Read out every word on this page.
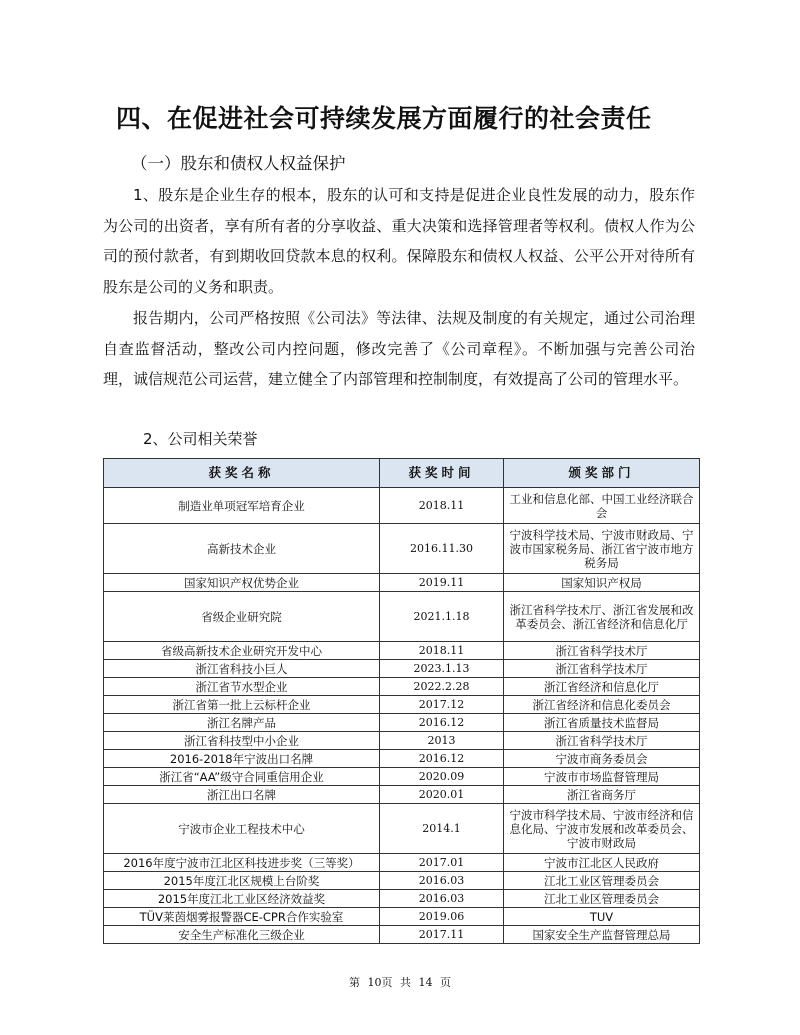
四、在促进社会可持续发展方面履行的社会责任
（一）股东和债权人权益保护

1、股东是企业生存的根本，股东的认可和支持是促进企业良性发展的动力，股东作为公司的出资者，享有所有者的分享收益、重大决策和选择管理者等权利。债权人作为公司的预付款者，有到期收回贷款本息的权利。保障股东和债权人权益、公平公开对待所有股东是公司的义务和职责。

报告期内，公司严格按照《公司法》等法律、法规及制度的有关规定，通过公司治理自查监督活动，整改公司内控问题，修改完善了《公司章程》。不断加强与完善公司治理，诚信规范公司运营，建立健全了内部管理和控制制度，有效提高了公司的管理水平。

2、公司相关荣誉
获奖名称	获奖时间	颁奖部门
制造业单项冠军培育企业	2018.11	工业和信息化部、中国工业经济联合会
高新技术企业	2016.11.30	宁波科学技术局、宁波市财政局、宁波市国家税务局、浙江省宁波市地方税务局
国家知识产权优势企业	2019.11	国家知识产权局
省级企业研究院	2021.1.18	浙江省科学技术厅、浙江省发展和改革委员会、浙江省经济和信息化厅
省级高新技术企业研究开发中心	2018.11	浙江省科学技术厅
浙江省科技小巨人	2023.1.13	浙江省科学技术厅
浙江省节水型企业	2022.2.28	浙江省经济和信息化厅
浙江省第一批上云标杆企业	2017.12	浙江省经济和信息化委员会
浙江名牌产品	2016.12	浙江省质量技术监督局
浙江省科技型中小企业	2013	浙江省科学技术厅
2016-2018年宁波出口名牌	2016.12	宁波市商务委员会
浙江省“AA”级守合同重信用企业	2020.09	宁波市市场监督管理局
浙江出口名牌	2020.01	浙江省商务厅
宁波市企业工程技术中心	2014.1	宁波市科学技术局、宁波市经济和信息化局、宁波市发展和改革委员会、宁波市财政局
2016年度宁波市江北区科技进步奖（三等奖）	2017.01	宁波市江北区人民政府
2015年度江北区规模上台阶奖	2016.03	江北工业区管理委员会
2015年度江北工业区经济效益奖	2016.03	江北工业区管理委员会
TÜV莱茵烟雾报警器CE-CPR合作实验室	2019.06	TUV
安全生产标准化三级企业	2017.11	国家安全生产监督管理总局
第 10页 共 14 页
